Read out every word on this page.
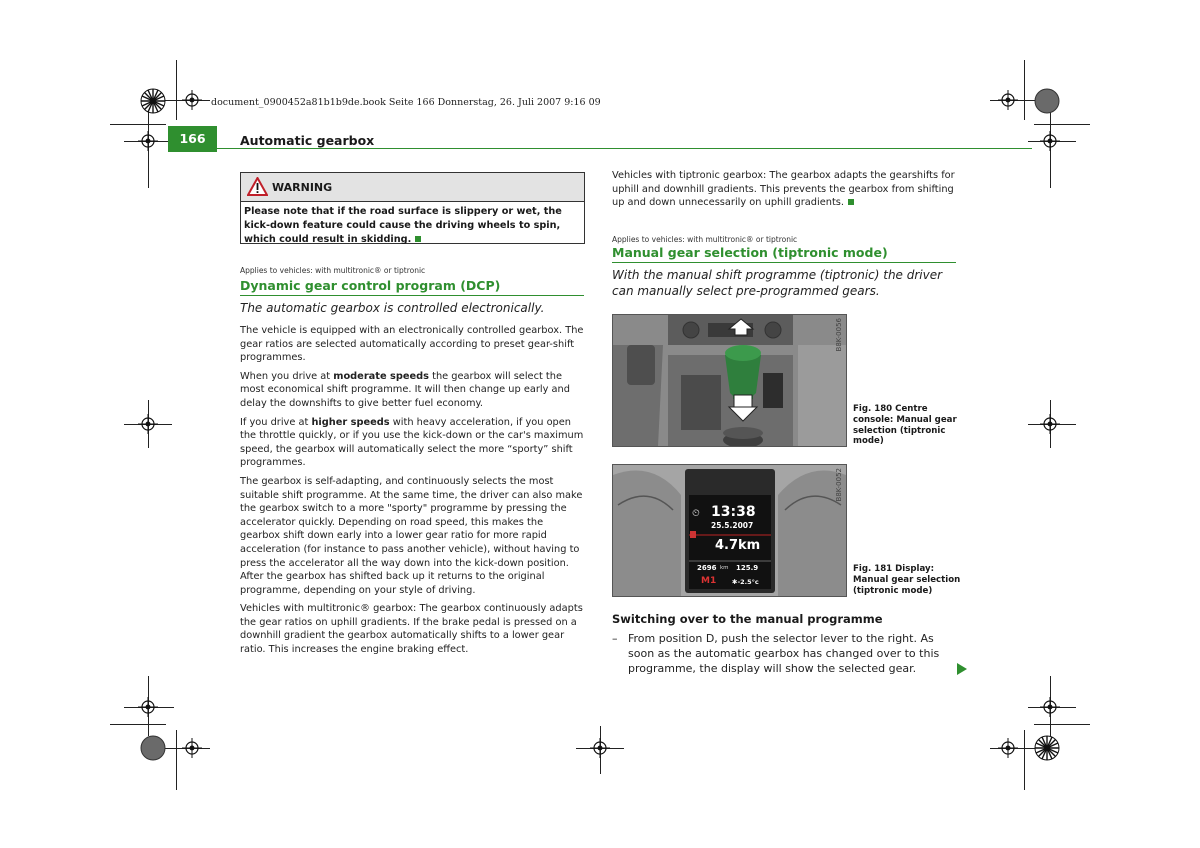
document_0900452a81b1b9de.book Seite 166 Donnerstag, 26. Juli 2007 9:16 09
166	Automatic gearbox
WARNING
Please note that if the road surface is slippery or wet, the kick-down feature could cause the driving wheels to spin, which could result in skidding.
Applies to vehicles: with multitronic® or tiptronic
Dynamic gear control program (DCP)
The automatic gearbox is controlled electronically.

The vehicle is equipped with an electronically controlled gearbox. The gear ratios are selected automatically according to preset gear-shift programmes.

When you drive at moderate speeds the gearbox will select the most economical shift programme. It will then change up early and delay the downshifts to give better fuel economy.

If you drive at higher speeds with heavy acceleration, if you open the throttle quickly, or if you use the kick-down or the car's maximum speed, the gearbox will automatically select the more “sporty” shift programmes.

The gearbox is self-adapting, and continuously selects the most suitable shift programme. At the same time, the driver can also make the gearbox switch to a more "sporty" programme by pressing the accelerator quickly. Depending on road speed, this makes the gearbox shift down early into a lower gear ratio for more rapid acceleration (for instance to pass another vehicle), without having to press the accelerator all the way down into the kick-down position. After the gearbox has shifted back up it returns to the original programme, depending on your style of driving.

Vehicles with multitronic® gearbox: The gearbox continuously adapts the gear ratios on uphill gradients. If the brake pedal is pressed on a downhill gradient the gearbox automatically shifts to a lower gear ratio. This increases the engine braking effect.

Vehicles with tiptronic gearbox: The gearbox adapts the gearshifts for uphill and downhill gradients. This prevents the gearbox from shifting up and down unnecessarily on uphill gradients.
Applies to vehicles: with multitronic® or tiptronic
Manual gear selection (tiptronic mode)
With the manual shift programme (tiptronic) the driver can manually select pre-programmed gears.
B8K-0056
Fig. 180 Centre console: Manual gear selection (tiptronic mode)
⏲ 13:38
25.5.2007
4.7km
2696 km 125.9
M1 ✱-2.5°c
B8K-0052
Fig. 181 Display: Manual gear selection (tiptronic mode)
Switching over to the manual programme
– From position D, push the selector lever to the right. As soon as the automatic gearbox has changed over to this programme, the display will show the selected gear.
